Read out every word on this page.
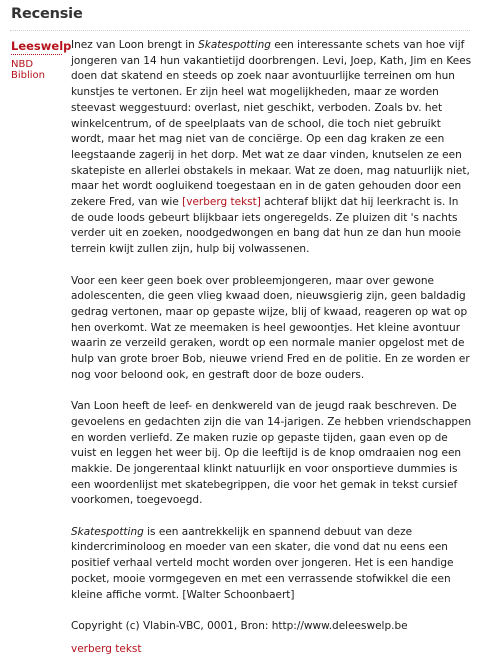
Recensie
Leeswelp
NBD Biblion

Inez van Loon brengt in Skatespotting een interessante schets van hoe vijf jongeren van 14 hun vakantietijd doorbrengen. Levi, Joep, Kath, Jim en Kees doen dat skatend en steeds op zoek naar avontuurlijke terreinen om hun kunstjes te vertonen. Er zijn heel wat mogelijkheden, maar ze worden steevast weggestuurd: overlast, niet geschikt, verboden. Zoals bv. het winkelcentrum, of de speelplaats van de school, die toch niet gebruikt wordt, maar het mag niet van de conciërge. Op een dag kraken ze een leegstaande zagerij in het dorp. Met wat ze daar vinden, knutselen ze een skatepiste en allerlei obstakels in mekaar. Wat ze doen, mag natuurlijk niet, maar het wordt oogluikend toegestaan en in de gaten gehouden door een zekere Fred, van wie [verberg tekst] achteraf blijkt dat hij leerkracht is. In de oude loods gebeurt blijkbaar iets ongeregelds. Ze pluizen dit 's nachts verder uit en zoeken, noodgedwongen en bang dat hun ze dan hun mooie terrein kwijt zullen zijn, hulp bij volwassenen.

Voor een keer geen boek over probleemjongeren, maar over gewone adolescenten, die geen vlieg kwaad doen, nieuwsgierig zijn, geen baldadig gedrag vertonen, maar op gepaste wijze, blij of kwaad, reageren op wat op hen overkomt. Wat ze meemaken is heel gewoontjes. Het kleine avontuur waarin ze verzeild geraken, wordt op een normale manier opgelost met de hulp van grote broer Bob, nieuwe vriend Fred en de politie. En ze worden er nog voor beloond ook, en gestraft door de boze ouders.

Van Loon heeft de leef- en denkwereld van de jeugd raak beschreven. De gevoelens en gedachten zijn die van 14-jarigen. Ze hebben vriendschappen en worden verliefd. Ze maken ruzie op gepaste tijden, gaan even op de vuist en leggen het weer bij. Op die leeftijd is de knop omdraaien nog een makkie. De jongerentaal klinkt natuurlijk en voor onsportieve dummies is een woordenlijst met skatebegrippen, die voor het gemak in tekst cursief voorkomen, toegevoegd.

Skatespotting is een aantrekkelijk en spannend debuut van deze kindercriminoloog en moeder van een skater, die vond dat nu eens een positief verhaal verteld mocht worden over jongeren. Het is een handige pocket, mooie vormgegeven en met een verrassende stofwikkel die een kleine affiche vormt. [Walter Schoonbaert]

Copyright (c) Vlabin-VBC, 0001, Bron: http://www.deleeswelp.be

verberg tekst
